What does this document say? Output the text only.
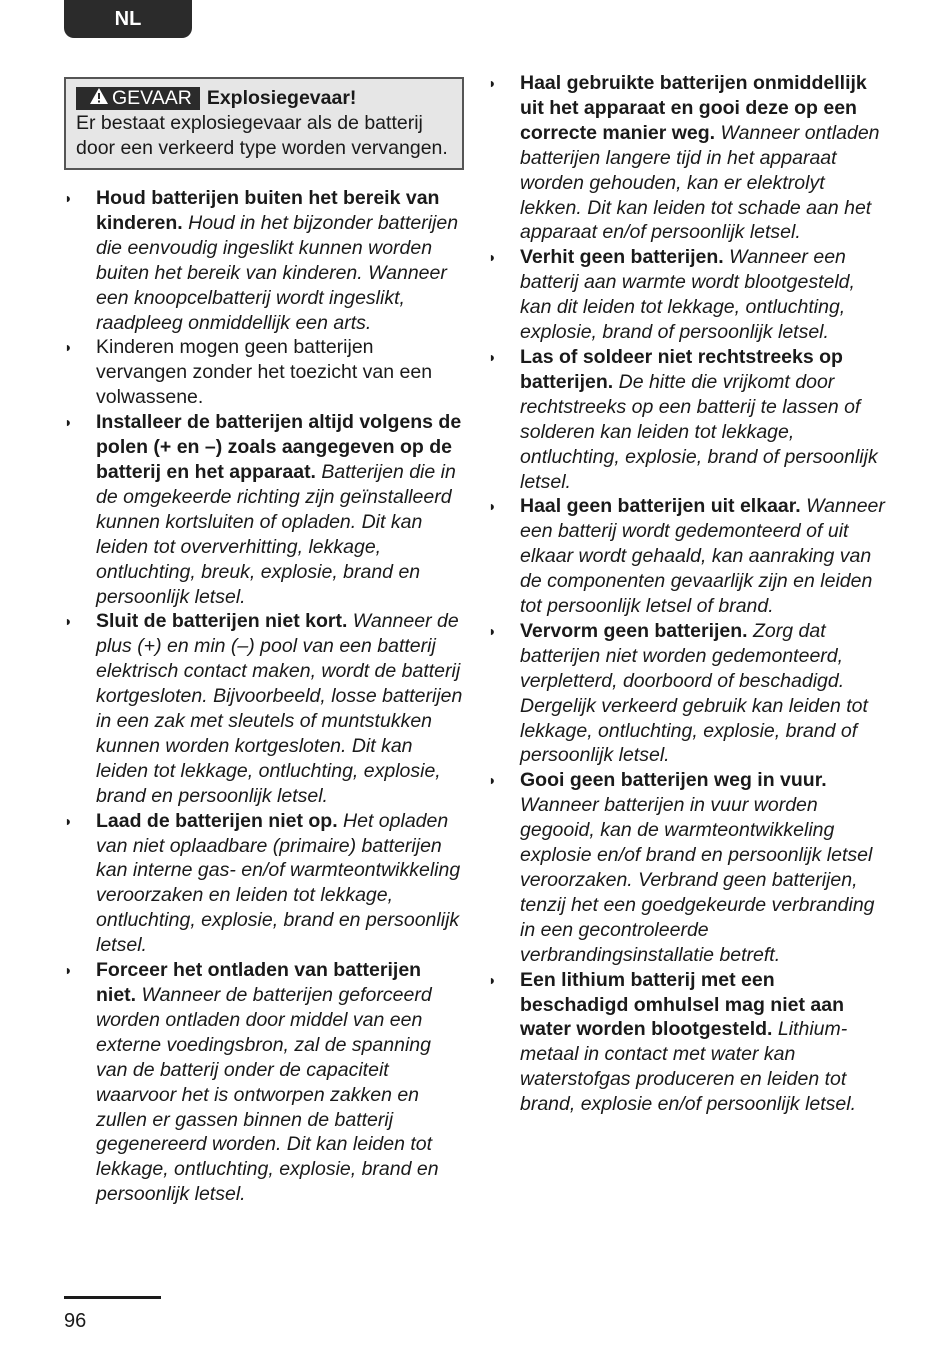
NL
GEVAAR Explosiegevaar!
Er bestaat explosiegevaar als de batterij door een verkeerd type worden vervangen.
◗ Houd batterijen buiten het bereik van kinderen. Houd in het bijzonder batterijen die eenvoudig ingeslikt kunnen worden buiten het bereik van kinderen. Wanneer een knoopcelbatterij wordt ingeslikt, raadpleeg onmiddellijk een arts.
◗ Kinderen mogen geen batterijen vervangen zonder het toezicht van een volwassene.
◗ Installeer de batterijen altijd volgens de polen (+ en –) zoals aangegeven op de batterij en het apparaat. Batterijen die in de omgekeerde richting zijn geïnstalleerd kunnen kortsluiten of opladen. Dit kan leiden tot oververhitting, lekkage, ontluchting, breuk, explosie, brand en persoonlijk letsel.
◗ Sluit de batterijen niet kort. Wanneer de plus (+) en min (–) pool van een batterij elektrisch contact maken, wordt de batterij kortgesloten. Bijvoorbeeld, losse batterijen in een zak met sleutels of muntstukken kunnen worden kortgesloten. Dit kan leiden tot lekkage, ontluchting, explosie, brand en persoonlijk letsel.
◗ Laad de batterijen niet op. Het opladen van niet oplaadbare (primaire) batterijen kan interne gas- en/of warmteontwikkeling veroorzaken en leiden tot lekkage, ontluchting, explosie, brand en persoonlijk letsel.
◗ Forceer het ontladen van batterijen niet. Wanneer de batterijen geforceerd worden ontladen door middel van een externe voedingsbron, zal de spanning van de batterij onder de capaciteit waarvoor het is ontworpen zakken en zullen er gassen binnen de batterij gegenereerd worden. Dit kan leiden tot lekkage, ontluchting, explosie, brand en persoonlijk letsel.
◗ Haal gebruikte batterijen onmiddellijk uit het apparaat en gooi deze op een correcte manier weg. Wanneer ontladen batterijen langere tijd in het apparaat worden gehouden, kan er elektrolyt lekken. Dit kan leiden tot schade aan het apparaat en/of persoonlijk letsel.
◗ Verhit geen batterijen. Wanneer een batterij aan warmte wordt blootgesteld, kan dit leiden tot lekkage, ontluchting, explosie, brand of persoonlijk letsel.
◗ Las of soldeer niet rechtstreeks op batterijen. De hitte die vrijkomt door rechtstreeks op een batterij te lassen of solderen kan leiden tot lekkage, ontluchting, explosie, brand of persoonlijk letsel.
◗ Haal geen batterijen uit elkaar. Wanneer een batterij wordt gedemonteerd of uit elkaar wordt gehaald, kan aanraking van de componenten gevaarlijk zijn en leiden tot persoonlijk letsel of brand.
◗ Vervorm geen batterijen. Zorg dat batterijen niet worden gedemonteerd, verpletterd, doorboord of beschadigd. Dergelijk verkeerd gebruik kan leiden tot lekkage, ontluchting, explosie, brand of persoonlijk letsel.
◗ Gooi geen batterijen weg in vuur. Wanneer batterijen in vuur worden gegooid, kan de warmteontwikkeling explosie en/of brand en persoonlijk letsel veroorzaken. Verbrand geen batterijen, tenzij het een goedgekeurde verbranding in een gecontroleerde verbrandingsinstallatie betreft.
◗ Een lithium batterij met een beschadigd omhulsel mag niet aan water worden blootgesteld. Lithium-metaal in contact met water kan waterstofgas produceren en leiden tot brand, explosie en/of persoonlijk letsel.
96
